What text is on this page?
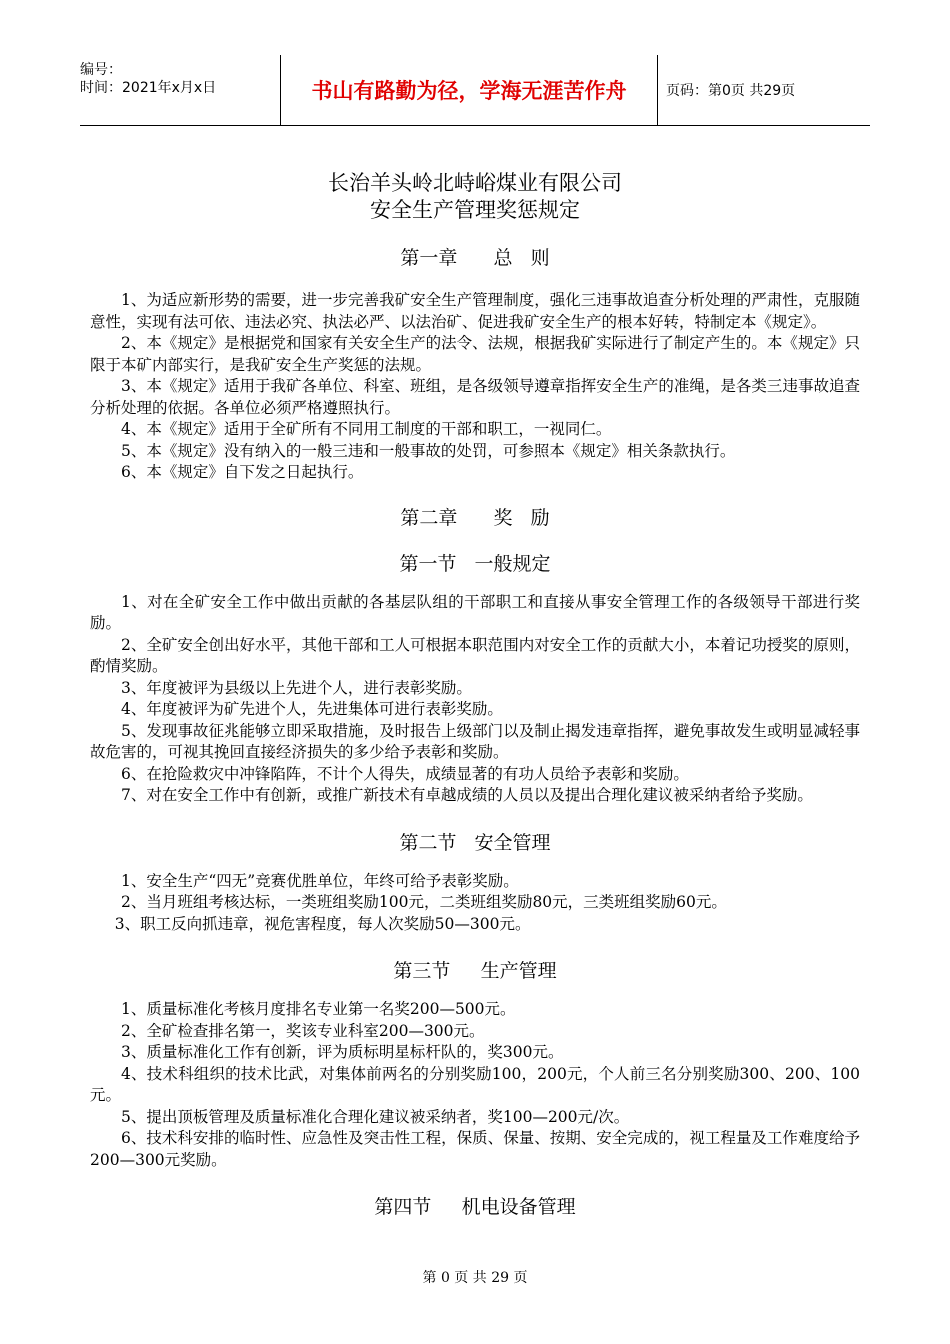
编号：
时间：2021年x月x日	书山有路勤为径，学海无涯苦作舟	页码：第0页 共29页

长治羊头岭北峙峪煤业有限公司

安全生产管理奖惩规定

第一章      总   则

1、为适应新形势的需要，进一步完善我矿安全生产管理制度，强化三违事故追查分析处理的严肃性，克服随意性，实现有法可依、违法必究、执法必严、以法治矿、促进我矿安全生产的根本好转，特制定本《规定》。

2、本《规定》是根据党和国家有关安全生产的法令、法规，根据我矿实际进行了制定产生的。本《规定》只限于本矿内部实行，是我矿安全生产奖惩的法规。

3、本《规定》适用于我矿各单位、科室、班组，是各级领导遵章指挥安全生产的准绳，是各类三违事故追查分析处理的依据。各单位必须严格遵照执行。

4、本《规定》适用于全矿所有不同用工制度的干部和职工，一视同仁。

5、本《规定》没有纳入的一般三违和一般事故的处罚，可参照本《规定》相关条款执行。

6、本《规定》自下发之日起执行。

第二章      奖   励
第一节   一般规定

1、对在全矿安全工作中做出贡献的各基层队组的干部职工和直接从事安全管理工作的各级领导干部进行奖励。

2、全矿安全创出好水平，其他干部和工人可根据本职范围内对安全工作的贡献大小，本着记功授奖的原则，酌情奖励。

3、年度被评为县级以上先进个人，进行表彰奖励。

4、年度被评为矿先进个人，先进集体可进行表彰奖励。

5、发现事故征兆能够立即采取措施，及时报告上级部门以及制止揭发违章指挥，避免事故发生或明显减轻事故危害的，可视其挽回直接经济损失的多少给予表彰和奖励。

6、在抢险救灾中冲锋陷阵，不计个人得失，成绩显著的有功人员给予表彰和奖励。

7、对在安全工作中有创新，或推广新技术有卓越成绩的人员以及提出合理化建议被采纳者给予奖励。

第二节   安全管理

1、安全生产“四无”竞赛优胜单位，年终可给予表彰奖励。

2、当月班组考核达标，一类班组奖励100元，二类班组奖励80元，三类班组奖励60元。

3、职工反向抓违章，视危害程度，每人次奖励50—300元。

第三节     生产管理

1、质量标准化考核月度排名专业第一名奖200—500元。

2、全矿检查排名第一，奖该专业科室200—300元。

3、质量标准化工作有创新，评为质标明星标杆队的，奖300元。

4、技术科组织的技术比武，对集体前两名的分别奖励100，200元，个人前三名分别奖励300、200、100元。

5、提出顶板管理及质量标准化合理化建议被采纳者，奖100—200元/次。

6、技术科安排的临时性、应急性及突击性工程，保质、保量、按期、安全完成的，视工程量及工作难度给予200—300元奖励。

第四节     机电设备管理
第 0 页 共 29 页
